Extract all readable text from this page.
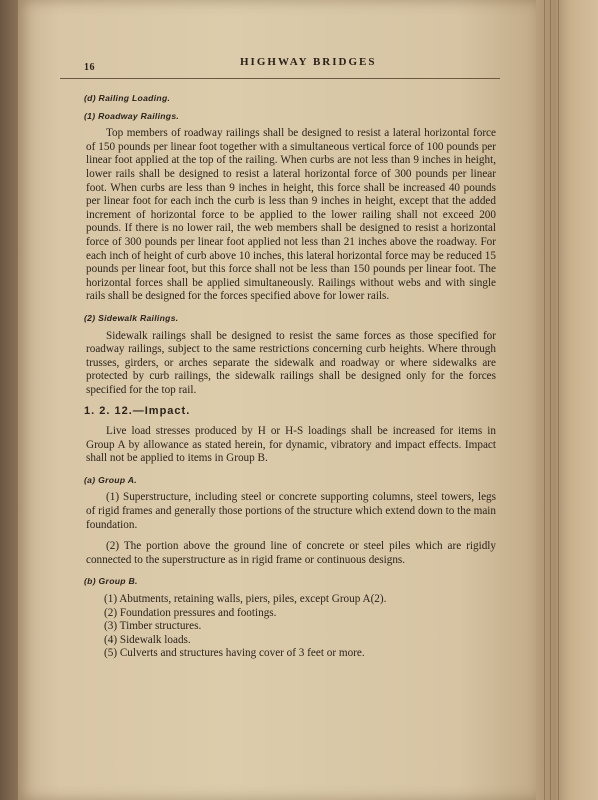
16	HIGHWAY BRIDGES
(d) Railing Loading.
(1) Roadway Railings.

Top members of roadway railings shall be designed to resist a lateral horizontal force of 150 pounds per linear foot together with a simultaneous vertical force of 100 pounds per linear foot applied at the top of the railing. When curbs are not less than 9 inches in height, lower rails shall be designed to resist a lateral horizontal force of 300 pounds per linear foot. When curbs are less than 9 inches in height, this force shall be increased 40 pounds per linear foot for each inch the curb is less than 9 inches in height, except that the added increment of horizontal force to be applied to the lower railing shall not exceed 200 pounds. If there is no lower rail, the web members shall be designed to resist a horizontal force of 300 pounds per linear foot applied not less than 21 inches above the roadway. For each inch of height of curb above 10 inches, this lateral horizontal force may be reduced 15 pounds per linear foot, but this force shall not be less than 150 pounds per linear foot. The horizontal forces shall be applied simultaneously. Railings without webs and with single rails shall be designed for the forces specified above for lower rails.

(2) Sidewalk Railings.

Sidewalk railings shall be designed to resist the same forces as those specified for roadway railings, subject to the same restrictions concerning curb heights. Where through trusses, girders, or arches separate the sidewalk and roadway or where sidewalks are protected by curb railings, the sidewalk railings shall be designed only for the forces specified for the top rail.

1. 2. 12.—Impact.

Live load stresses produced by H or H-S loadings shall be increased for items in Group A by allowance as stated herein, for dynamic, vibratory and impact effects. Impact shall not be applied to items in Group B.

(a) Group A.

(1) Superstructure, including steel or concrete supporting columns, steel towers, legs of rigid frames and generally those portions of the structure which extend down to the main foundation.

(2) The portion above the ground line of concrete or steel piles which are rigidly connected to the superstructure as in rigid frame or continuous designs.

(b) Group B.
(1) Abutments, retaining walls, piers, piles, except Group A(2).
(2) Foundation pressures and footings.
(3) Timber structures.
(4) Sidewalk loads.
(5) Culverts and structures having cover of 3 feet or more.
